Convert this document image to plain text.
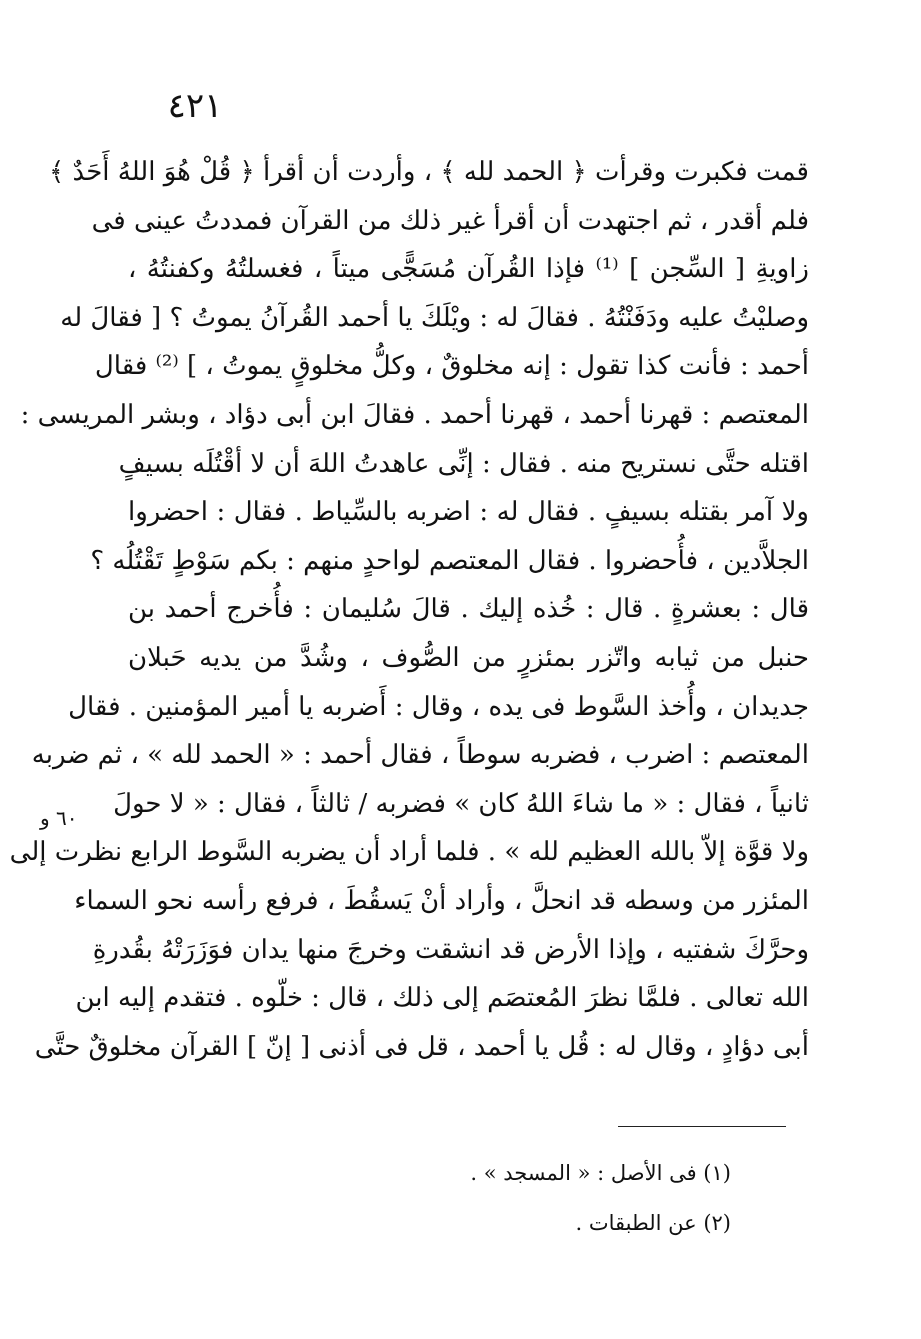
٤٢١
قمت فكبرت وقرأت ﴿ الحمد لله ﴾ ، وأردت أن أقرأ ﴿ قُلْ هُوَ اللهُ أَحَدٌ ﴾
فلم أقدر ، ثم اجتهدت أن أقرأ غير ذلك من القرآن فمددتُ عينى فى
زاويةِ [ السِّجن ] ⁽¹⁾ فإذا القُرآن مُسَجًّى ميتاً ، فغسلتُهُ وكفنتُهُ ،
وصليْتُ عليه ودَفَنْتُهُ . فقالَ له : ويْلَكَ يا أحمد القُرآنُ يموتُ ؟ [ فقالَ له
أحمد : فأنت كذا تقول : إنه مخلوقٌ ، وكلُّ مخلوقٍ يموتُ ، ] ⁽²⁾ فقال
المعتصم : قهرنا أحمد ، قهرنا أحمد . فقالَ ابن أبى دؤاد ، وبشر المريسى :
اقتله حتَّى نستريح منه . فقال : إنِّى عاهدتُ اللهَ أن لا أقْتُلَه بسيفٍ
ولا آمر بقتله بسيفٍ . فقال له : اضربه بالسِّياط . فقال : احضروا
الجلاَّدين ، فأُحضروا . فقال المعتصم لواحدٍ منهم : بكم سَوْطٍ تَقْتُلُه ؟
قال : بعشرةٍ . قال : خُذه إليك . قالَ سُليمان : فأُخرج أحمد بن
حنبل من ثيابه واتّزر بمئزرٍ من الصُّوف ، وشُدَّ من يديه حَبلان
جديدان ، وأُخذ السَّوط فى يده ، وقال : أَضربه يا أمير المؤمنين . فقال
المعتصم : اضرب ، فضربه سوطاً ، فقال أحمد : « الحمد لله » ، ثم ضربه
ثانياً ، فقال : « ما شاءَ اللهُ كان » فضربه / ثالثاً ، فقال : « لا حولَ
ولا قوَّة إلاّ بالله العظيم لله » . فلما أراد أن يضربه السَّوط الرابع نظرت إلى
المئزر من وسطه قد انحلَّ ، وأراد أنْ يَسقُطَ ، فرفع رأسه نحو السماء
وحرَّكَ شفتيه ، وإذا الأرض قد انشقت وخرجَ منها يدان فوَزَرَتْهُ بقُدرةِ
الله تعالى . فلمَّا نظرَ المُعتصَم إلى ذلك ، قال : خلّوه . فتقدم إليه ابن
أبى دؤادٍ ، وقال له : قُل يا أحمد ، قل فى أذنى [ إنّ ] القرآن مخلوقٌ حتَّى
٦٠ و
(١) فى الأصل : « المسجد » .
(٢) عن الطبقات .
